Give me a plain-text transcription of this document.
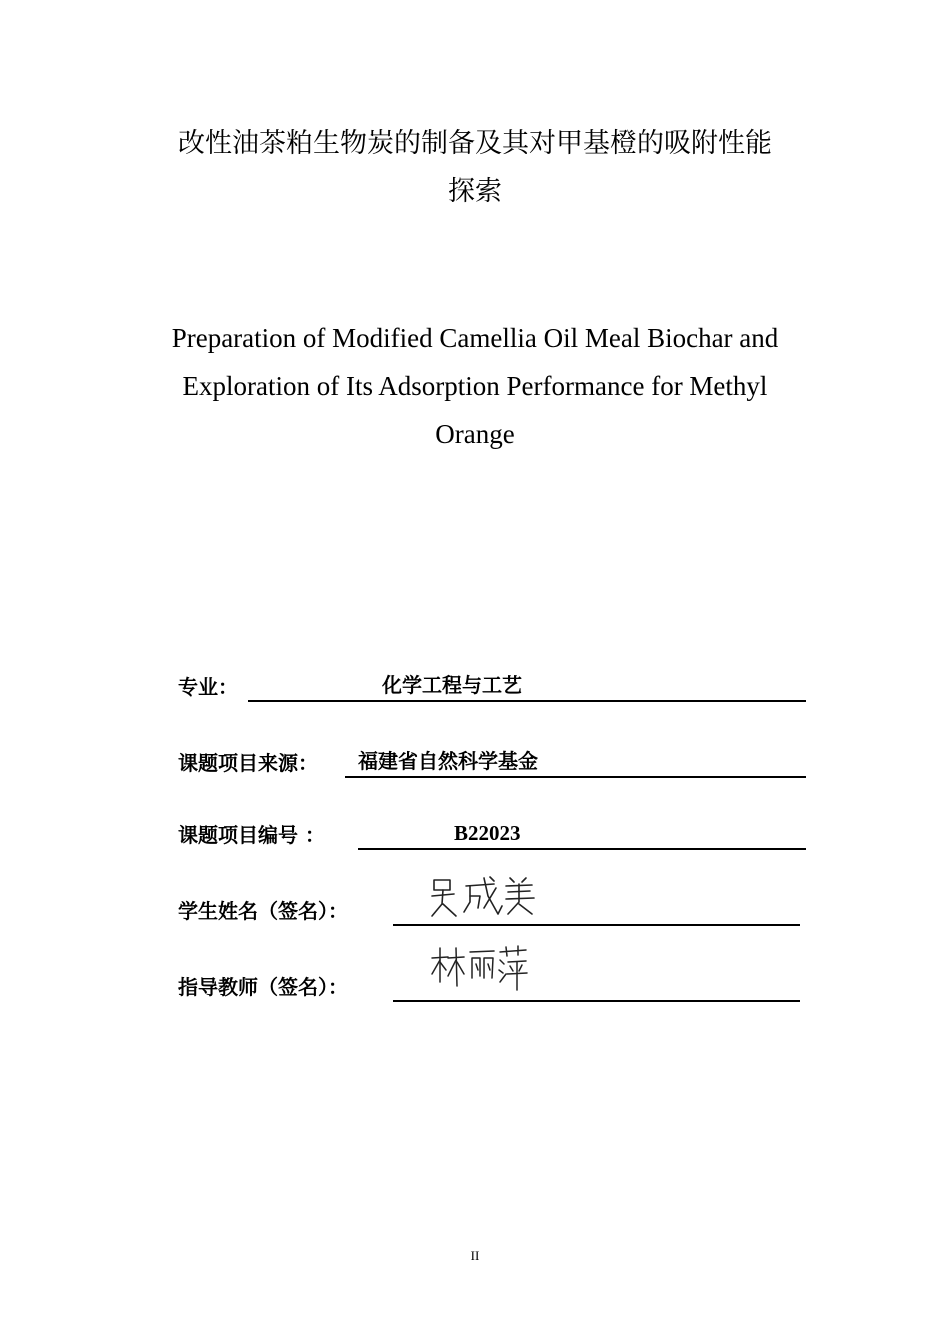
改性油茶粕生物炭的制备及其对甲基橙的吸附性能
探索
Preparation of Modified Camellia Oil Meal Biochar and
Exploration of Its Adsorption Performance for Methyl
Orange
专业：	化学工程与工艺
课题项目来源： 福建省自然科学基金
课题项目编号 ：	B22023
学生姓名（签名）：
指导教师（签名）：
II
